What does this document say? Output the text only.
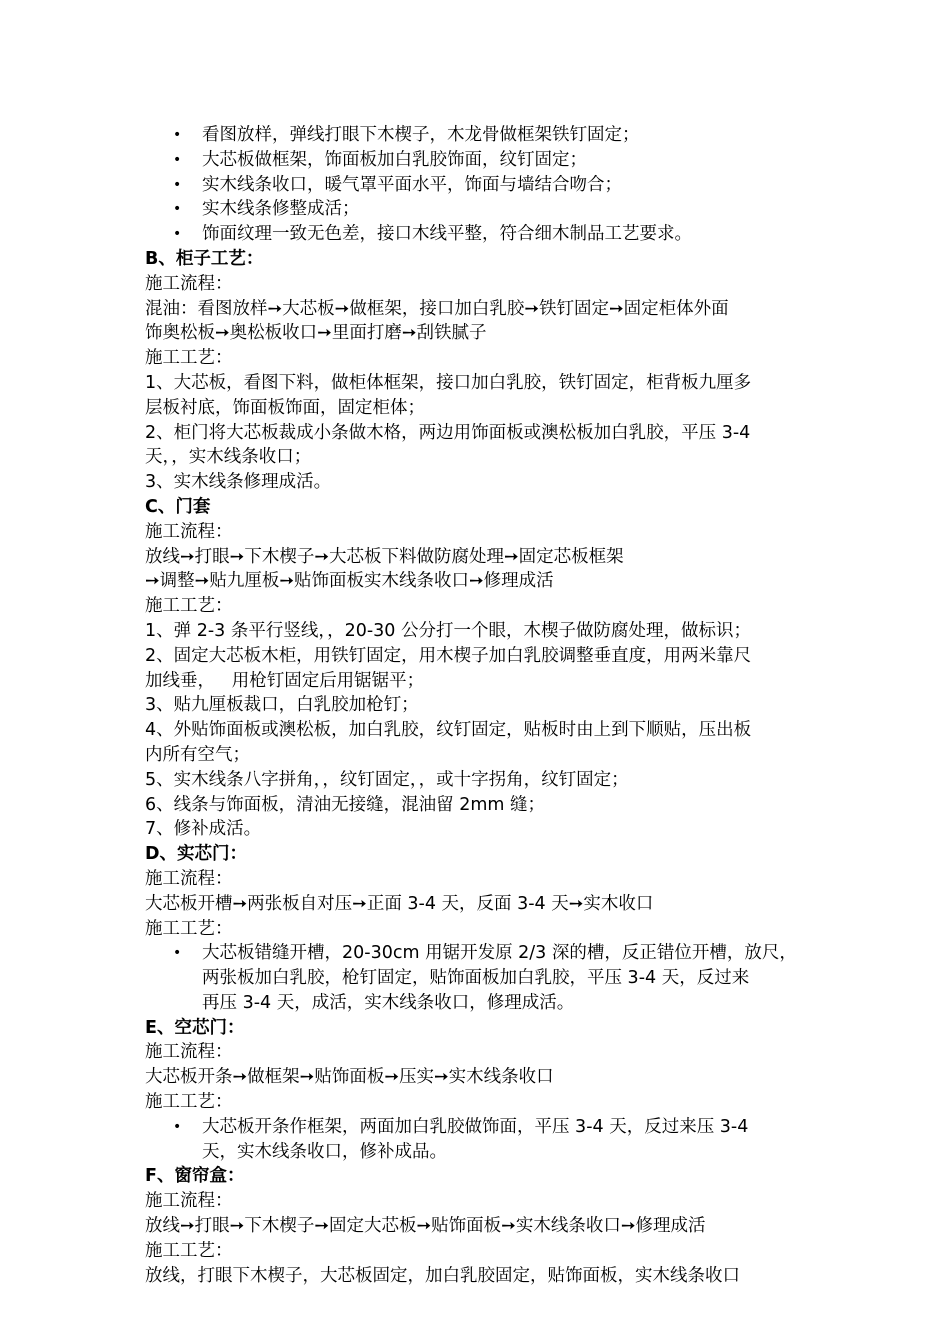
• 看图放样，弹线打眼下木楔子，木龙骨做框架铁钉固定；
• 大芯板做框架，饰面板加白乳胶饰面，纹钉固定；
• 实木线条收口，暖气罩平面水平，饰面与墙结合吻合；
• 实木线条修整成活；
• 饰面纹理一致无色差，接口木线平整，符合细木制品工艺要求。
B、柜子工艺：
施工流程：
混油：看图放样➙大芯板➙做框架，接口加白乳胶➙铁钉固定➙固定柜体外面
饰奥松板➙奥松板收口➙里面打磨➙刮铁腻子
施工工艺：
1、大芯板，看图下料，做柜体框架，接口加白乳胶，铁钉固定，柜背板九厘多
层板衬底，饰面板饰面，固定柜体；
2、柜门将大芯板裁成小条做木格，两边用饰面板或澳松板加白乳胶，平压 3-4
天，，实木线条收口；
3、实木线条修理成活。
C、门套
施工流程：
放线➙打眼➙下木楔子➙大芯板下料做防腐处理➙固定芯板框架
➙调整➙贴九厘板➙贴饰面板实木线条收口➙修理成活
施工工艺：
1、弹 2-3 条平行竖线，，20-30 公分打一个眼，木楔子做防腐处理，做标识；
2、固定大芯板木柜，用铁钉固定，用木楔子加白乳胶调整垂直度，用两米靠尺
加线垂，   用枪钉固定后用锯锯平；
3、贴九厘板裁口，白乳胶加枪钉；
4、外贴饰面板或澳松板，加白乳胶，纹钉固定，贴板时由上到下顺贴，压出板
内所有空气；
5、实木线条八字拼角，，纹钉固定，，或十字拐角，纹钉固定；
6、线条与饰面板，清油无接缝，混油留 2mm 缝；
7、修补成活。
D、实芯门：
施工流程：
大芯板开槽➙两张板自对压➙正面 3-4 天，反面 3-4 天➙实木收口
施工工艺：
• 大芯板错缝开槽，20-30cm 用锯开发原 2/3 深的槽，反正错位开槽，放尺，
两张板加白乳胶，枪钉固定，贴饰面板加白乳胶，平压 3-4 天，反过来
再压 3-4 天，成活，实木线条收口，修理成活。
E、空芯门：
施工流程：
大芯板开条➙做框架➙贴饰面板➙压实➙实木线条收口
施工工艺：
• 大芯板开条作框架，两面加白乳胶做饰面，平压 3-4 天，反过来压 3-4
天，实木线条收口，修补成品。
F、窗帘盒：
施工流程：
放线➙打眼➙下木楔子➙固定大芯板➙贴饰面板➙实木线条收口➙修理成活
施工工艺：
放线，打眼下木楔子，大芯板固定，加白乳胶固定，贴饰面板，实木线条收口
